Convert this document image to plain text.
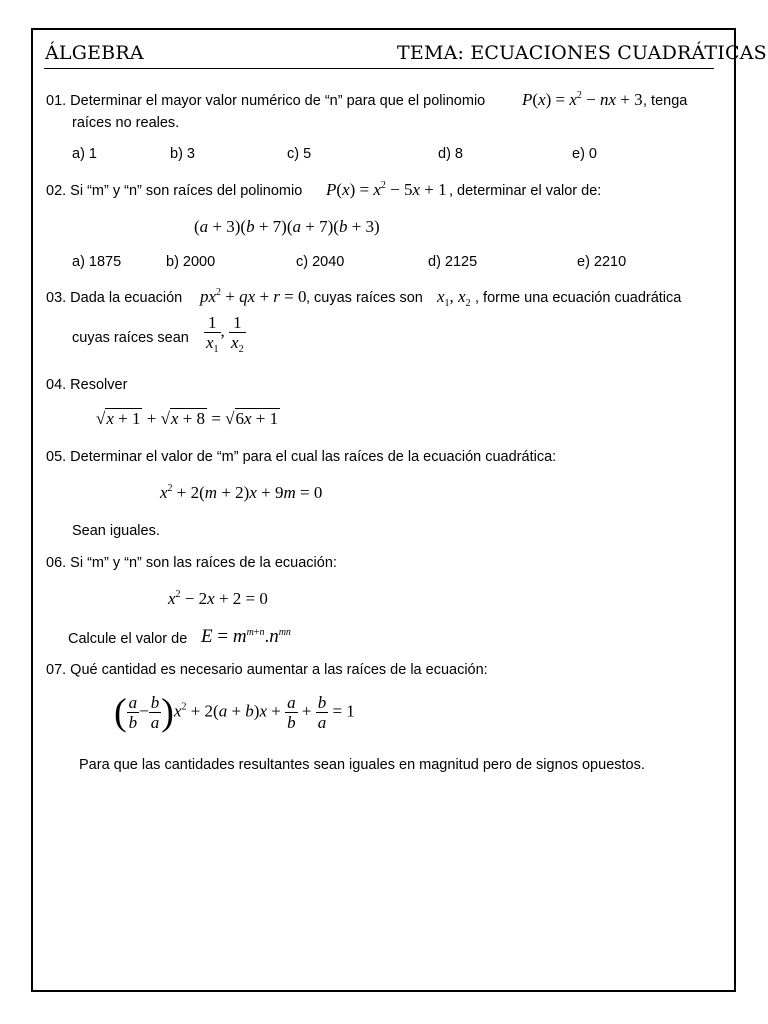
ÁLGEBRA	TEMA: ECUACIONES CUADRÁTICAS
01. Determinar el mayor valor numérico de “n” para que el polinomio $P(x) = x^2$ − nx + 3 , tenga
raíces no reales.
a) 1	b) 3	c) 5	d) 8	e) 0
02. Si “m” y “n” son raíces del polinomio $P(x) = x^2 - 5x + 1$ , determinar el valor de:
(a + 3)(b + 7)(a + 7)(b + 3)
a) 1875	b) 2000	c) 2040	d) 2125	e) 2210
03. Dada la ecuación $px^2$ + qx + r = 0 , cuyas raíces son $x_1$, $x_2$ , forme una ecuación cuadrática
cuyas raíces sean $\frac{1}{x_1}$ , $\frac{1}{x_2}$
04. Resolver
√x + 1 + √x + 8 = √6x + 1
05. Determinar el valor de “m” para el cual las raíces de la ecuación cuadrática:
$x^2 + 2(m + 2)x + 9m = 0$
Sean iguales.
06. Si “m” y “n” son las raíces de la ecuación:
$x^2 - 2x + 2 = 0$
Calcule el valor de $E = m^{m+n}.n^{mn}$
07. Qué cantidad es necesario aumentar a las raíces de la ecuación:
( $\frac{a}{b} - \frac{b}{a} )x^2 + 2(a + b)x + \frac{a}{b} + \frac{b}{a} = 1$
Para que las cantidades resultantes sean iguales en magnitud pero de signos opuestos.
